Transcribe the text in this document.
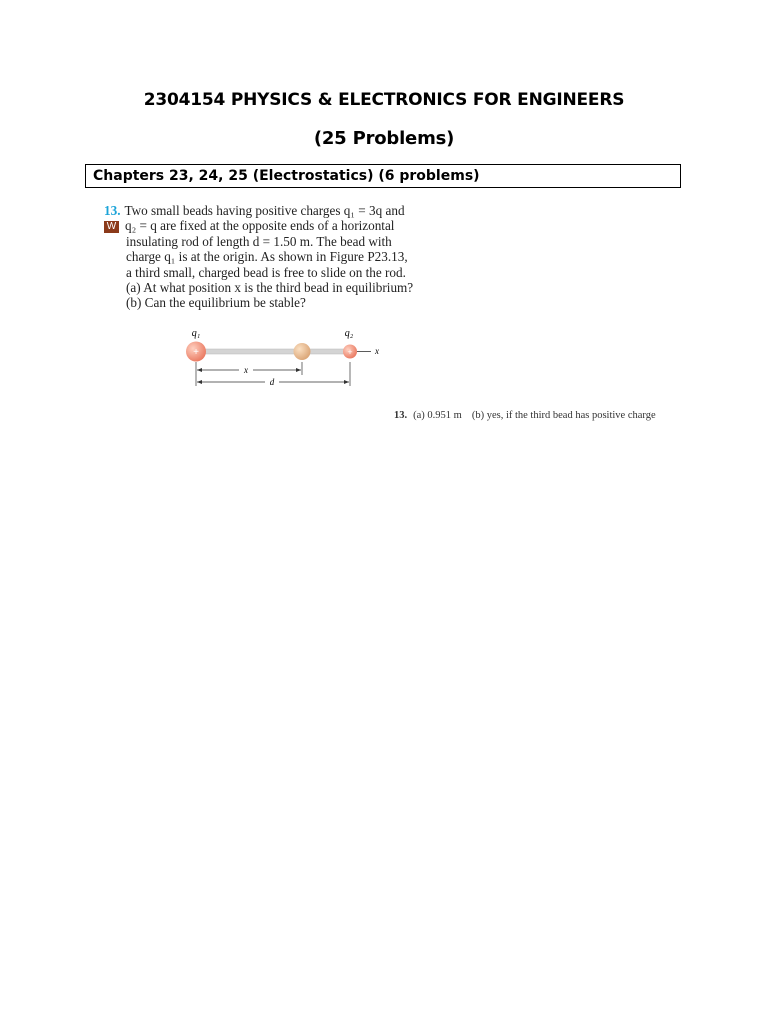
2304154 PHYSICS & ELECTRONICS FOR ENGINEERS
(25 Problems)
Chapters 23, 24, 25 (Electrostatics) (6 problems)
13. Two small beads having positive charges q₁ = 3q and
W q₂ = q are fixed at the opposite ends of a horizontal
insulating rod of length d = 1.50 m. The bead with
charge q₁ is at the origin. As shown in Figure P23.13,
a third small, charged bead is free to slide on the rod.
(a) At what position x is the third bead in equilibrium?
(b) Can the equilibrium be stable?
q₁	q₂
x
+	+
x
d
13. (a) 0.951 m (b) yes, if the third bead has positive charge
